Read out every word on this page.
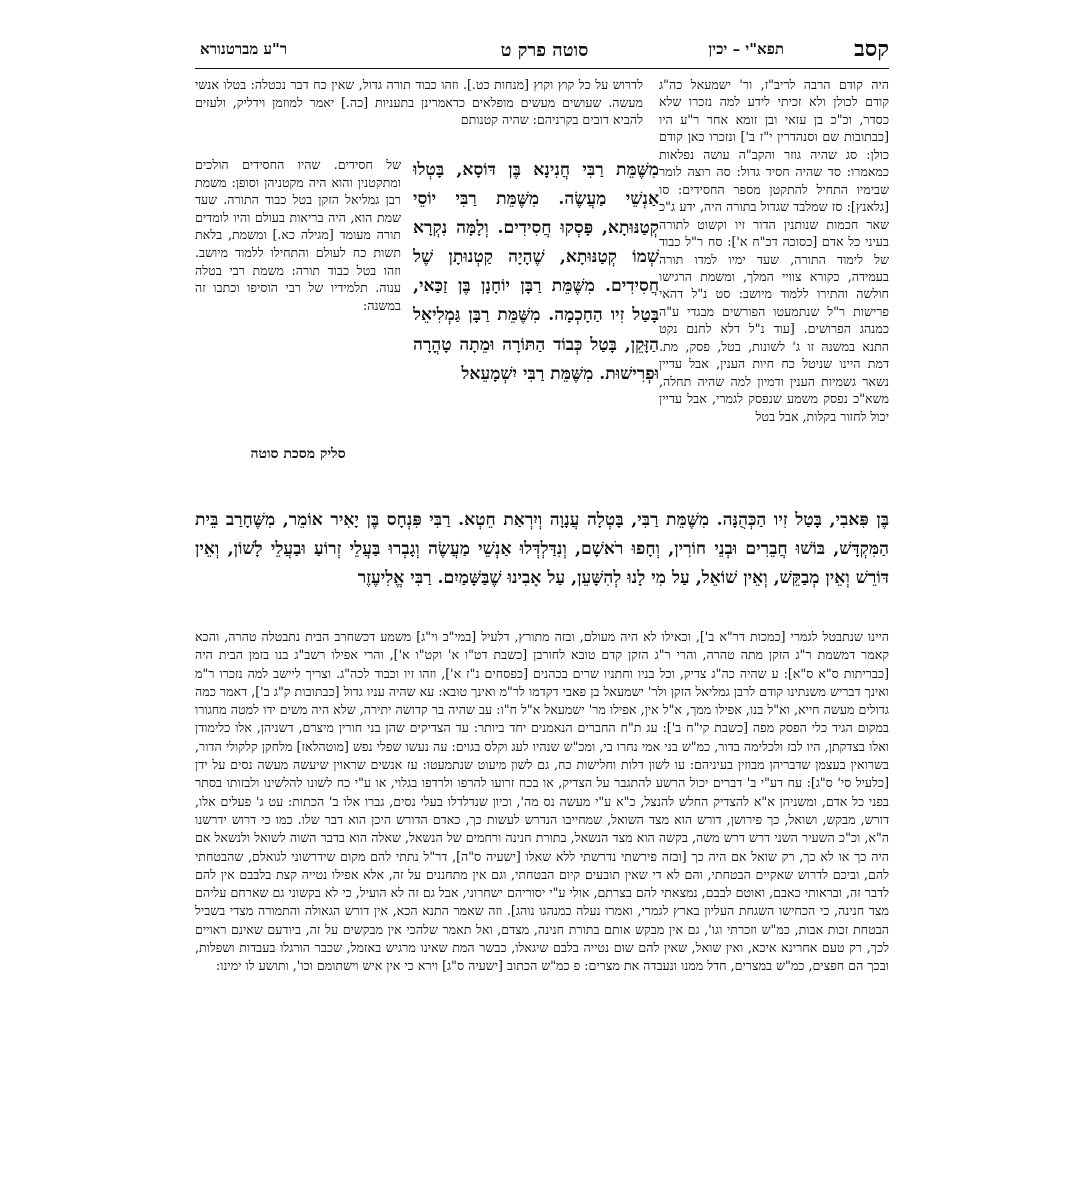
קסב
תפא"י – יכין
סוטה פרק ט
ר"ע מברטנורא
היה קודם הרבה לריב"ז, ור' ישמעאל כה"ג קודם לכולן ולא זכיתי לידע למה נזכרו שלא כסדר, וכ"כ בן עזאי ובן זומא אחר ר"ע היו [כבתובות שם וסנהדרין י"ז ב'] ונזכרו כאן קודם כולן: סג שהיה גוזר והקב"ה עושה נפלאות כמאמרו: סד שהיה חסיד גדול: סה רוצה לומר שבימיו התחיל להתקטן מספר החסידים: סו [גלאנץ]: סז שמלבד שגדול בתורה היה, ידע ג"כ שאר חכמות שנותנין הדור זיו וקשוט לתורה בעיני כל אדם [כסוכה דכ"ח א']: סח ר"ל כבוד של לימוד התורה, שעד ימיו למדו תורה בעמידה, כקורא צוויי המלך, ומשמת הרגישו חולשה והתירו ללמוד מיושב: סט נ"ל דהאי פרישות ר"ל שנתמעטו הפורשים מבגדי ע"ה כמנהג הפרושים. [עוד נ"ל דלא לחנם נקט התנא במשנה זו ג' לשונות, בטל, פסק, מת. דמת היינו שניטל כח חיות הענין, אבל עדיין נשאר גשמיות הענין ודמיון למה שהיה תחלה, משא"כ נפסק משמע שנפסק לגמרי, אבל עדיין יכול לחזור בקלות, אבל בטל
לדרוש על כל קוץ וקוץ [מנחות כט.]. וזהו כבוד תורה גדול, שאין כח דבר נכטלה: בטלו אנשי מעשה. שעושים מעשים מופלאים כדאמרינן בתעניות [כה.] יאמר למוזמן וידליק, ולעזים להביא דובים בקרניהם: שהיה קטנותם
מִשֶּׁמֵּת רַבִּי חֲנִינָא בֶּן דּוֹסָא, בָּטְלוּ אַנְשֵׁי מַעֲשֶׂה. מִשֶּׁמֵּת רַבִּי יוֹסֵי קְטַנּוּתָא, פָּסְקוּ חֲסִידִים. וְלָמָּה נִקְרָא שְׁמוֹ קְטַנּוּתָא, שֶׁהָיָה קַטְנוּתָן שֶׁל חֲסִידִים. מִשֶּׁמֵּת רַבָּן יוֹחָנָן בֶּן זַכַּאי, בָּטַל זִיו הַחָכְמָה. מִשֶּׁמֵּת רַבָּן גַּמְלִיאֵל הַזָּקֵן, בָּטַל כְּבוֹד הַתּוֹרָה וּמֵתָה טָהֳרָה וּפְרִישׁוּת. מִשֶּׁמֵּת רַבִּי יִשְׁמָעֵאל
של חסידים. שהיו החסידים הולכים ומתקטנין והוא היה מקטניהן וסופן: משמת רבן גמליאל הזקן בטל כבוד התורה. שעד שמת הוא, היה בריאות בעולם והיו לומדים תורה מעומד [מגילה כא.] ומשמת, בלאת תשות כח לעולם והתחילו ללמוד מיושב. וזהו בטל כבוד תורה: משמת רבי בטלה ענוה. תלמידיו של רבי הוסיפו וכתבו זה במשנה:
סליק מסכת סוטה
בֶּן פִּאבִי, בָּטַל זִיו הַכְּהֻנָּה. מִשֶּׁמֵּת רַבִּי, בָּטְלָה עֲנָוָה וְיִרְאַת חֵטְא. רַבִּי פִּנְחָס בֶּן יָאִיר אוֹמֵר, מִשֶּׁחָרַב בֵּית הַמִּקְדָּשׁ, בּוֹשׁוּ חֲבֵרִים וּבְנֵי חוֹרִין, וְחָפוּ רֹאשָׁם, וְנִדַּלְדְּלוּ אַנְשֵׁי מַעֲשֶׂה וְגָבְרוּ בַּעֲלֵי זְרוֹעַ וּבַעֲלֵי לָשׁוֹן, וְאֵין דּוֹרֵשׁ וְאֵין מְבַקֵּשׁ, וְאֵין שׁוֹאֵל, עַל מִי לָנוּ לְהִשָּׁעֵן, עַל אָבִינוּ שֶׁבַּשָּׁמַיִם. רַבִּי אֱלִיעֶזֶר
היינו שנתבטל לגמרי [כמכות דר"א ב'], וכאילו לא היה מעולם, ובזה מתורץ, דלעיל [במי"ב וי"ג] משמע דכשחרב הבית נתבטלה טהרה, והכא קאמר דמשמת ר"ג הזקן מתה טהרה, והרי ר"ג הזקן קדם טובא לחורבן [כשבת דט"ו א' וקט"ו א'], והרי אפילו רשב"ג בנו בזמן הבית היה [כבריתות ס"א ס"א]: ע שהיה כה"ג צדיק, וכל בניו וחתניו שרים בכהנים [כפסחים נ"ז א'], וזהו זיו וכבוד לכה"ג. וצריך ליישב למה נזכרו ר"מ ואינך דבריש משנתינו קודם לרבן גמליאל הזקן ולר' ישמעאל בן פאבי דקדמו לר"מ ואינך טובא: עא שהיה עניו גדול [כבתובות ק"ג ב'], דאמר כמה גדולים מעשה חייא, וא"ל בנו, אפילו ממך, א"ל אין, אפילו מר' ישמעאל א"ל ח"ו: עב שהיה בר קדושה יתירה, שלא היה משים ידו למטה מחגורו במקום הגיד כלי הפסק מפה [כשבת קי"ח ב']: עג ת"ח החברים הנאמנים יחד ביותר: עד הצדיקים שהן בני חורין מיצרם, דשניהן, אלו כלימודן ואלו בצדקתן, היו לבז ולכלימה בדור, כמ"ש בני אמי נחרו בי, ומכ"ש שנהיו לעג וקלס בגוים: עה נעשו שפלי נפש [מוטהלאז] מלחקן קלקולי הדור, בשרואין בעצמן שדבריהן מבוזין בעיניהם: עו לשון דלות וחלישות כח, גם לשון מיעוט שנתמעטו: עז אנשים שראוין שיעשה מעשה נסים על ידן [כלעיל סי' ס"ג]: עח דע"י ב' דברים יכול הרשע להתגבר על הצדיק, או בכח זרועו להרפו ולרדפו בגלוי, או ע"י כח לשונו להלשינו ולבזותו בסתר בפני כל אדם, ומשניהן א"א להצדיק החלש להנצל, כ"א ע"י מעשה נס מה', וכיון שנדלדלו בעלי נסים, גברו אלו ב' הכתות: עט ג' פעלים אלו, דורש, מבקש, ושואל, כך פירושן, דורש הוא מצד השואל, שמחייבו הנדרש לעשות כך, כאדם הדורש היכן הוא דבר שלו. כמו כי דרוש ידרשנו ה"א, וכ"כ השעיר השני דרש דרש משה, בקשה הוא מצד הנשאל, בתורת חנינה ורחמים של הנשאל, שאלה הוא בדבר השוה לשואל ולנשאל אם היה כך או לא כך, רק שואל אם היה כך [ובזה פירשתי נדרשתי ללא שאלו [ישעיה ס"ה], דר"ל נתתי להם מקום שידרשוני לגואלם, שהבטחתי להם, וביכם לדרוש שאקיים הבטחתי, והם לא די שאין תובעים קיום הבטחתי, וגם אין מתחננים על זה, אלא אפילו נטייה קצת בלבבם אין להם לדבר זה, ובראותי כאבם, ואוטם לבבם, נמצאתי להם בצרתם, אולי ע"י יסוריהם ישחרוני, אבל גם זה לא הועיל, כי לא בקשוני גם שארחם עליהם מצד חנינה, כי הכחישו השגחת העליון בארץ לגמרי, ואמרו נעלה כמנהגו נוהג]. וזה שאמר התנא הכא, אין דורש הגאולה והתמורה מצדי בשביל הבטחת זכות אבות, כמ"ש וזכרתי וגו', גם אין מבקש אותם בתורת חנינה, מצדם, ואל תאמר שלהכי אין מבקשים על זה, ביודעם שאינם ראויים לכך, רק טעם אחרינא איכא, ואין שואל, שאין להם שום נטייה בלבם שיגאלו, כבשר המת שאינו מרגיש באזמל, שכבר הורגלו בעבדות ושפלות, ובכך הם חפצים, כמ"ש במצרים, חדל ממנו ונעבדה את מצרים: פ כמ"ש הכתוב [ישעיה ס"ג] וירא כי אין איש וישתומם וכו', ותושע לו ימינו:
